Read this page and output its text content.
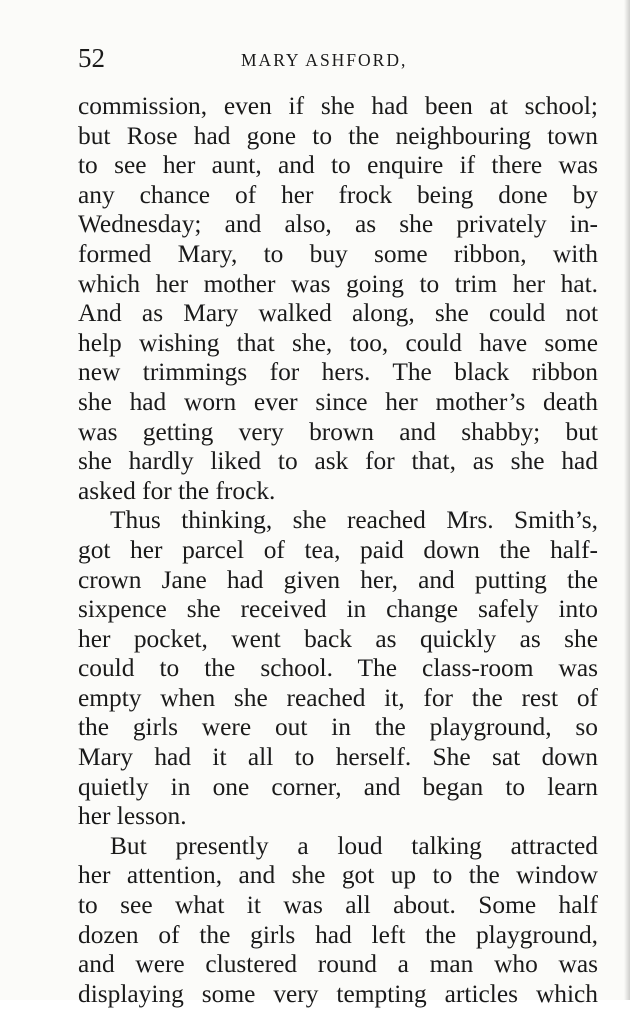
52	MARY ASHFORD,
commission, even if she had been at school;
but Rose had gone to the neighbouring town
to see her aunt, and to enquire if there was
any chance of her frock being done by
Wednesday; and also, as she privately in-
formed Mary, to buy some ribbon, with
which her mother was going to trim her hat.
And as Mary walked along, she could not
help wishing that she, too, could have some
new trimmings for hers. The black ribbon
she had worn ever since her mother’s death
was getting very brown and shabby; but
she hardly liked to ask for that, as she had
asked for the frock.
Thus thinking, she reached Mrs. Smith’s,
got her parcel of tea, paid down the half-
crown Jane had given her, and putting the
sixpence she received in change safely into
her pocket, went back as quickly as she
could to the school. The class-room was
empty when she reached it, for the rest of
the girls were out in the playground, so
Mary had it all to herself. She sat down
quietly in one corner, and began to learn
her lesson.
But presently a loud talking attracted
her attention, and she got up to the window
to see what it was all about. Some half
dozen of the girls had left the playground,
and were clustered round a man who was
displaying some very tempting articles which
